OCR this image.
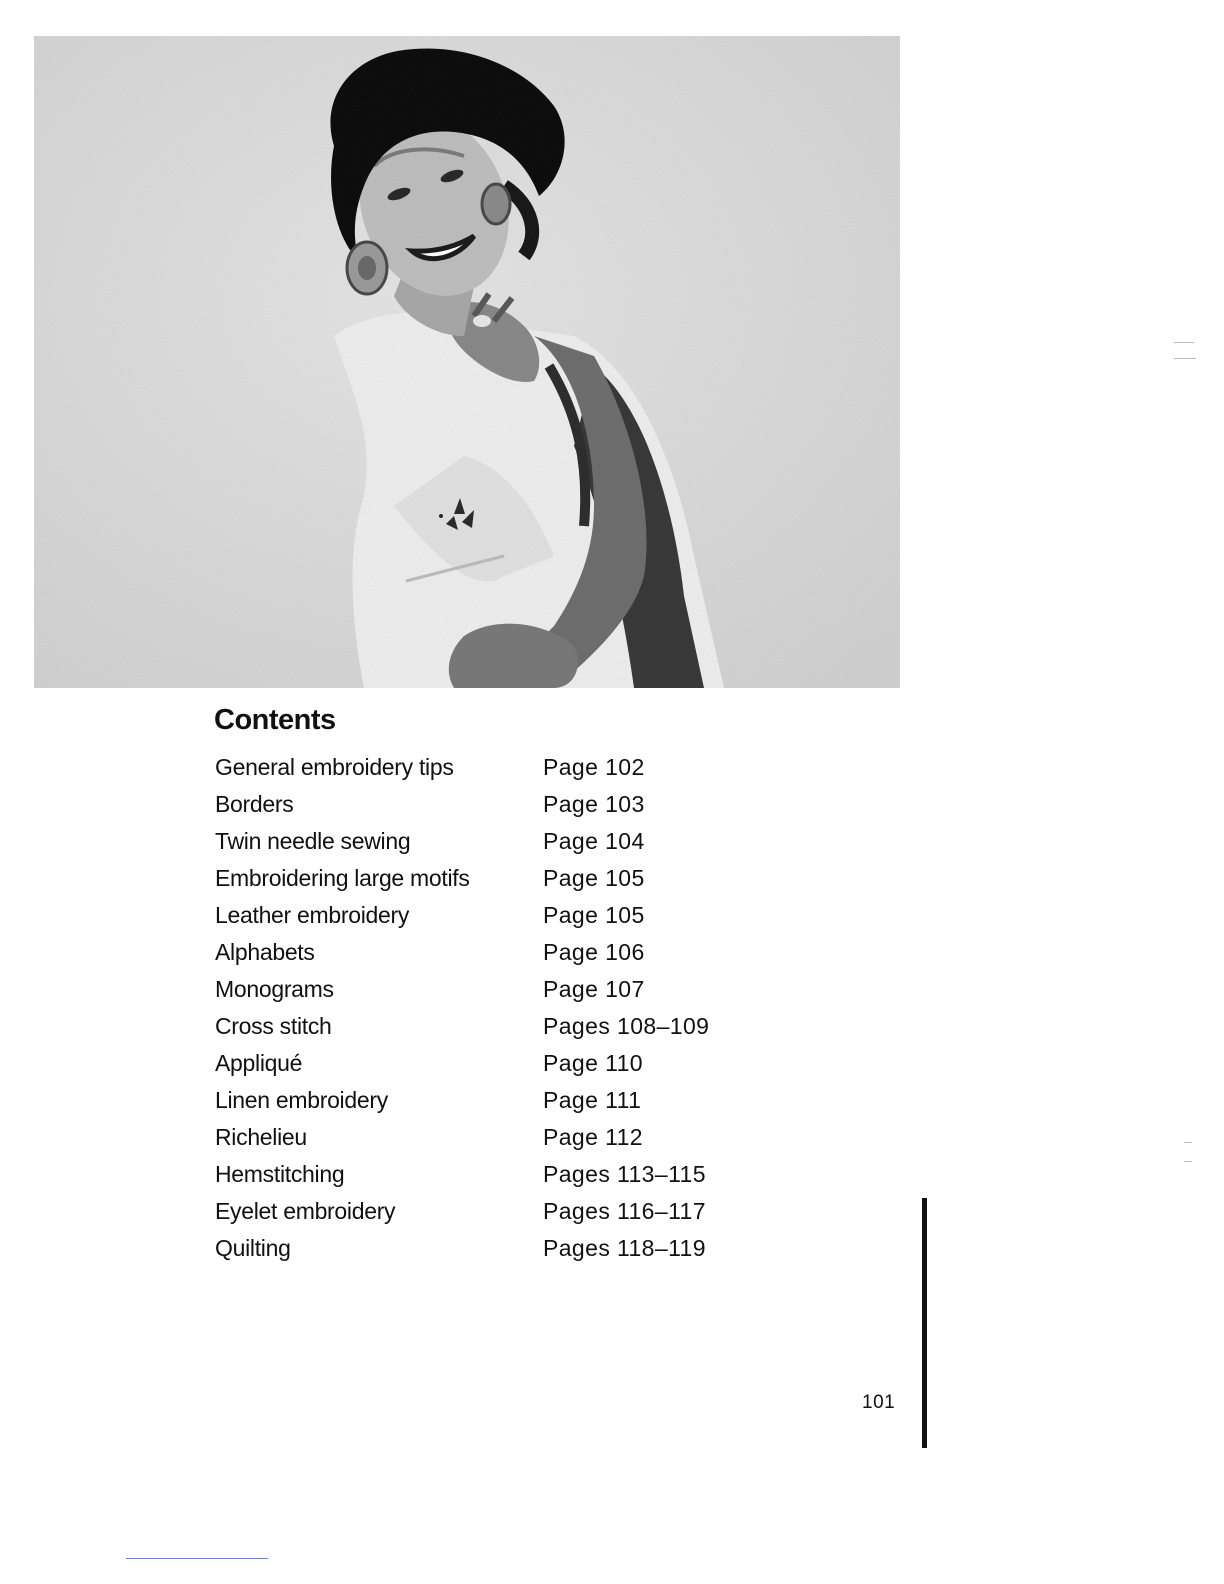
Contents
General embroidery tips	Page 102
Borders	Page 103
Twin needle sewing	Page 104
Embroidering large motifs	Page 105
Leather embroidery	Page 105
Alphabets	Page 106
Monograms	Page 107
Cross stitch	Pages 108–109
Appliqué	Page 110
Linen embroidery	Page 111
Richelieu	Page 112
Hemstitching	Pages 113–115
Eyelet embroidery	Pages 116–117
Quilting	Pages 118–119
101
